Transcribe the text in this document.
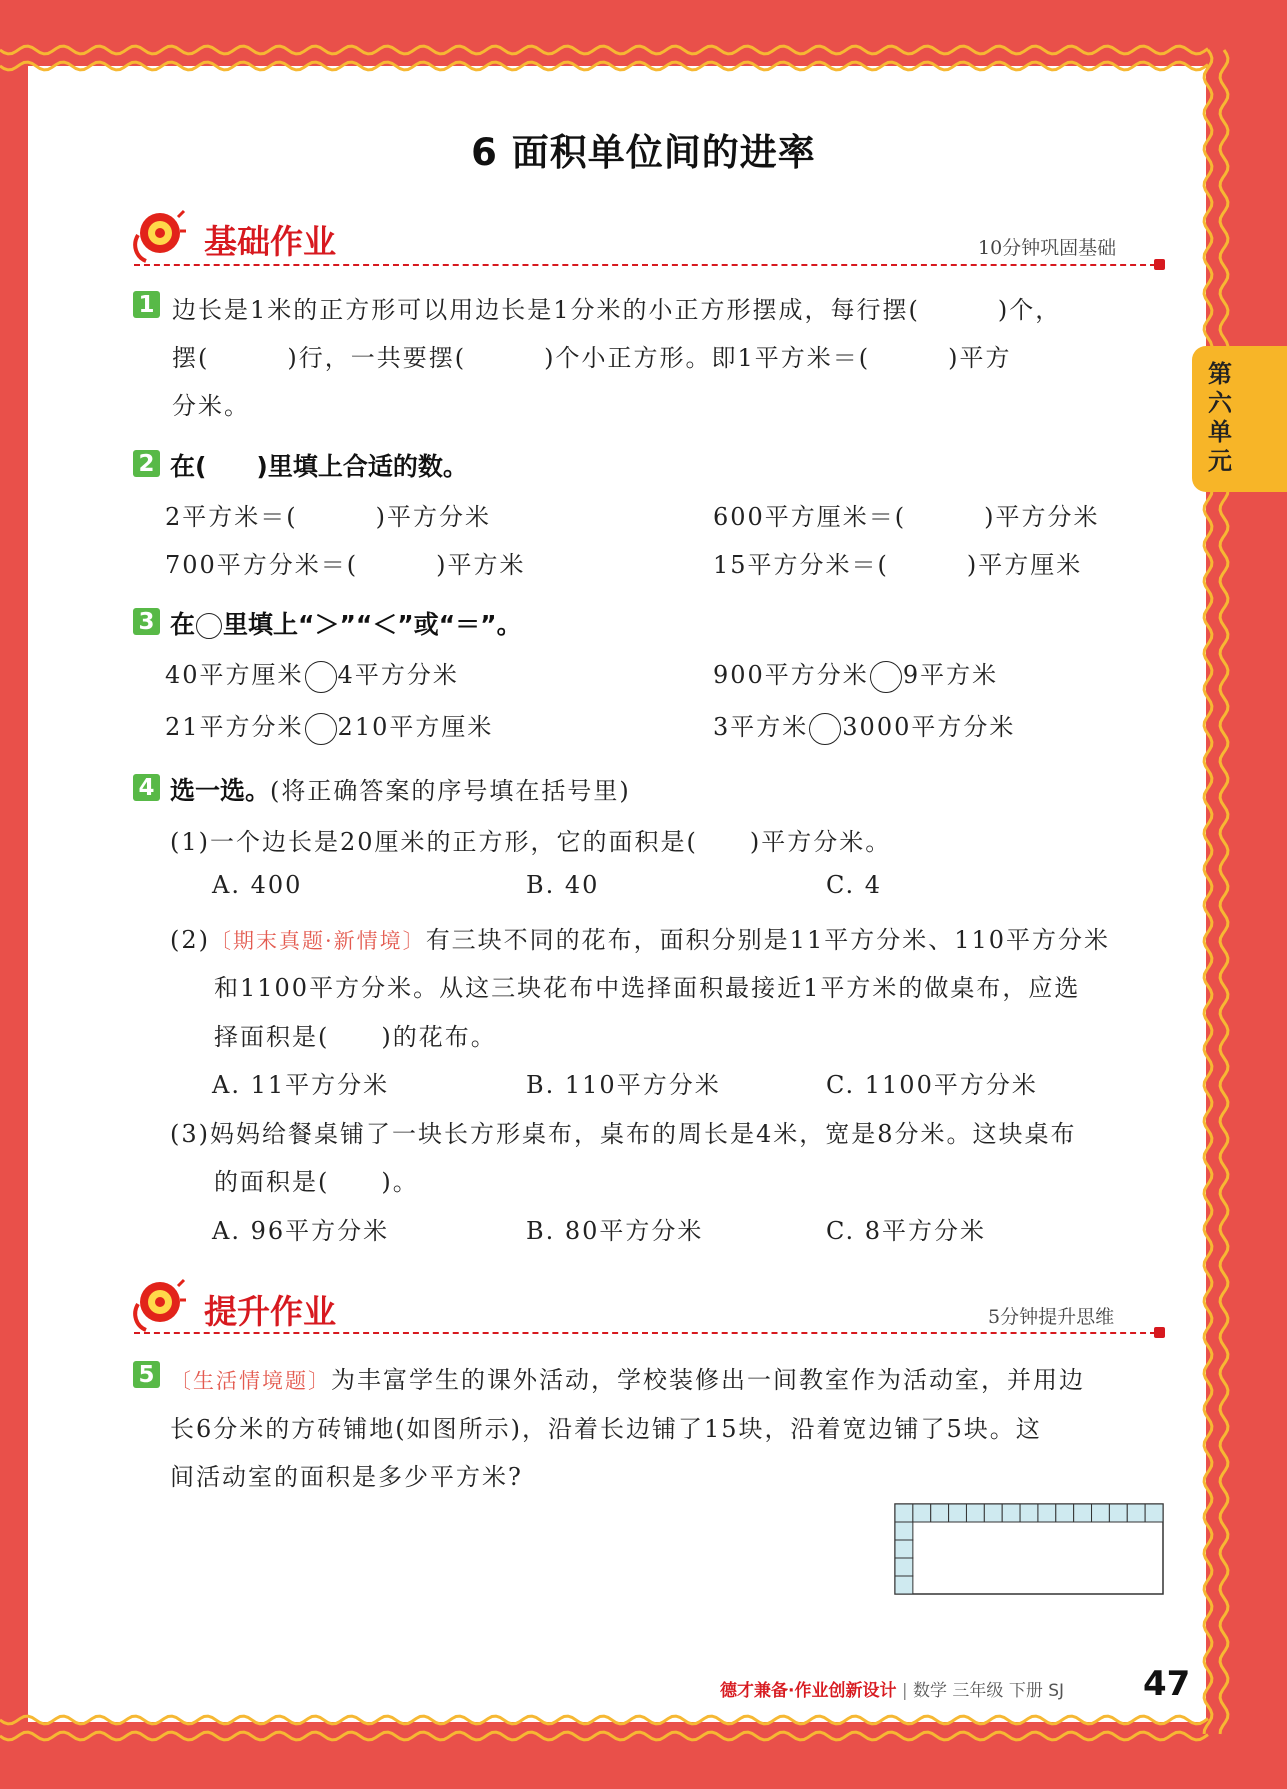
第六单元
6 面积单位间的进率
基础作业	10分钟巩固基础
1 边长是1米的正方形可以用边长是1分米的小正方形摆成，每行摆(　　　)个，
摆(　　　)行，一共要摆(　　　)个小正方形。即1平方米＝(　　　)平方
分米。
2 在(　　)里填上合适的数。
2平方米＝(　　　)平方分米	600平方厘米＝(　　　)平方分米
700平方分米＝(　　　)平方米	15平方分米＝(　　　)平方厘米
3 在 里填上“＞”“＜”或“＝”。
40平方厘米 4平方分米	900平方分米 9平方米
21平方分米 210平方厘米	3平方米 3000平方分米
4 选一选。(将正确答案的序号填在括号里)
(1)一个边长是20厘米的正方形，它的面积是(　　)平方分米。
A. 400	B. 40	C. 4
(2)〔期末真题·新情境〕有三块不同的花布，面积分别是11平方分米、110平方分米
和1100平方分米。从这三块花布中选择面积最接近1平方米的做桌布，应选
择面积是(　　)的花布。
A. 11平方分米	B. 110平方分米	C. 1100平方分米
(3)妈妈给餐桌铺了一块长方形桌布，桌布的周长是4米，宽是8分米。这块桌布
的面积是(　　)。
A. 96平方分米	B. 80平方分米	C. 8平方分米
提升作业	5分钟提升思维
5 〔生活情境题〕为丰富学生的课外活动，学校装修出一间教室作为活动室，并用边
长6分米的方砖铺地(如图所示)，沿着长边铺了15块，沿着宽边铺了5块。这
间活动室的面积是多少平方米?
德才兼备·作业创新设计 | 数学 三年级 下册 SJ 47
